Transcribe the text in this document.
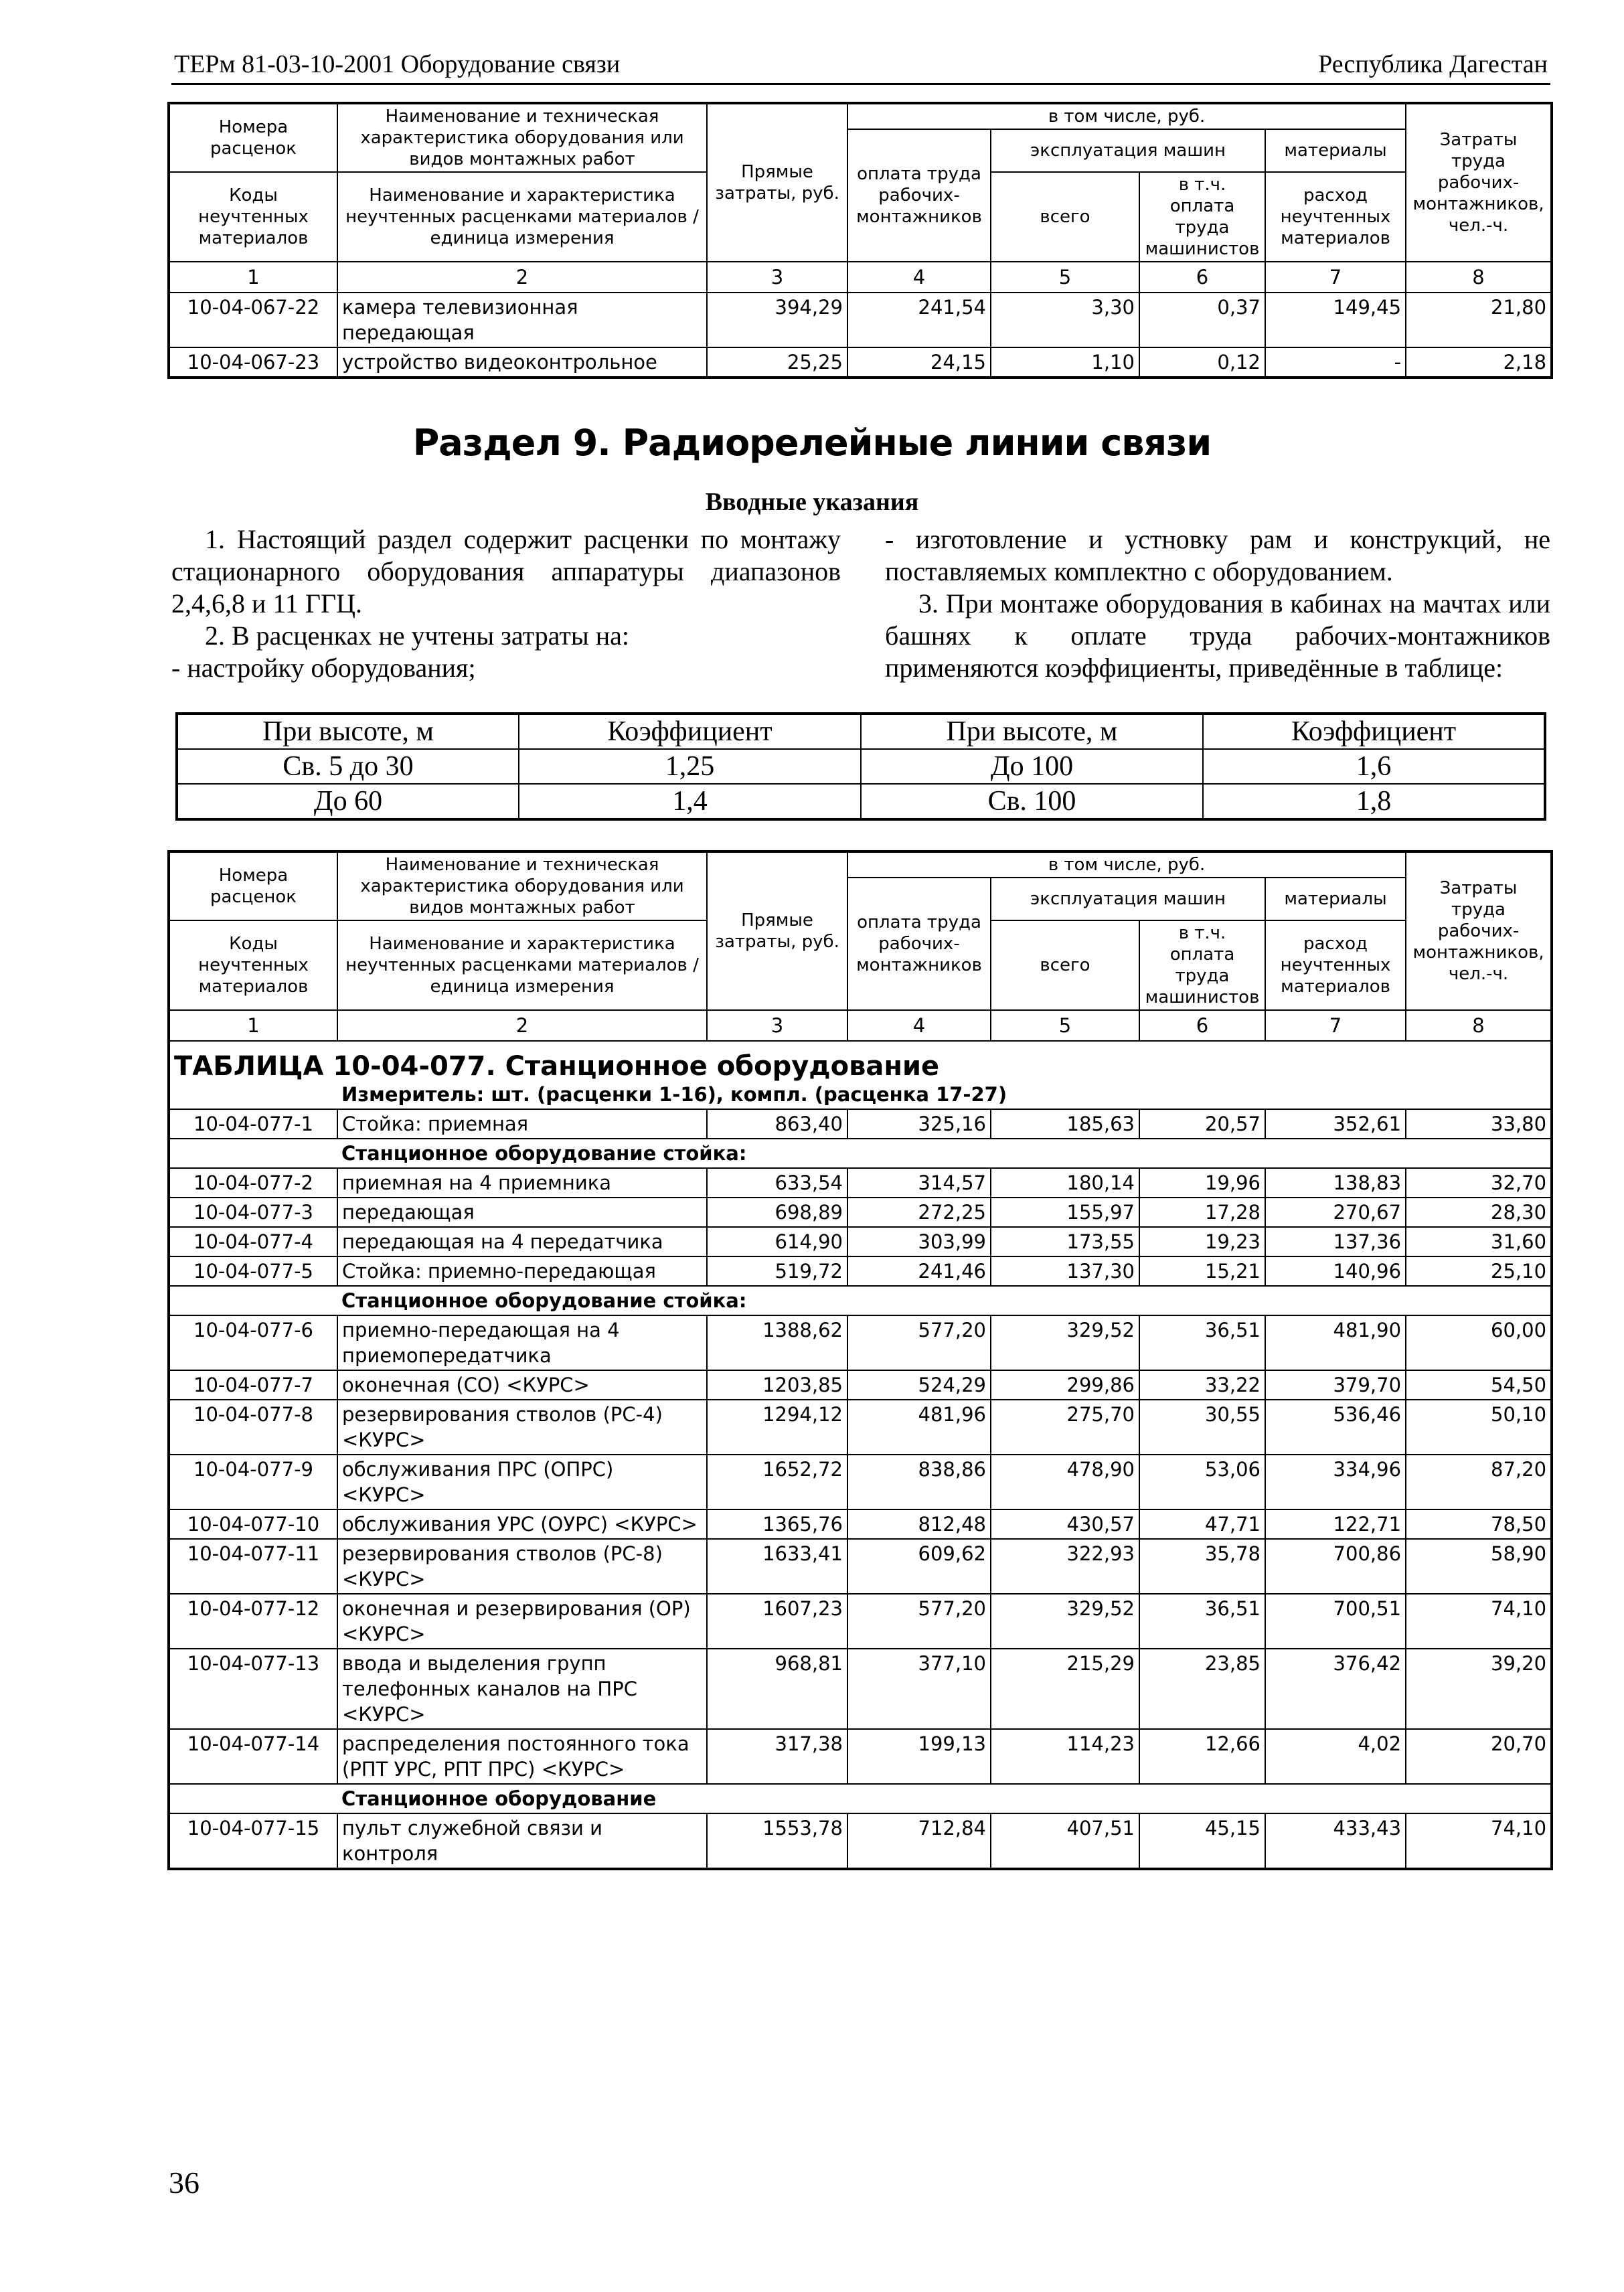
ТЕРм 81-03-10-2001 Оборудование связи	Республика Дагестан
Номера расценок	Наименование и техническая характеристика оборудования или видов монтажных работ	Прямые затраты, руб.	в том числе, руб.				Затраты труда рабочих-монтажников, чел.-ч.
			оплата труда рабочих-монтажников	эксплуатация машин		материалы	
Коды неучтенных материалов	Наименование и характеристика неучтенных расценками материалов / единица измерения			всего	в т.ч. оплата труда машинистов	расход неучтенных материалов	

1	2	3	4	5	6	7	8
10-04-067-22	камера телевизионная передающая	394,29	241,54	3,30	0,37	149,45	21,80
10-04-067-23	устройство видеоконтрольное	25,25	24,15	1,10	0,12	-	2,18
Раздел 9. Радиорелейные линии связи
Вводные указания

1. Настоящий раздел содержит расценки по монтажу стационарного оборудования аппаратуры диапазонов 2,4,6,8 и 11 ГГЦ.

2. В расценках не учтены затраты на:

- настройку оборудования;

- изготовление и устновку рам и конструкций, не поставляемых комплектно с оборудованием.

3. При монтаже оборудования в кабинах на мачтах или башнях к оплате труда рабочих-монтажников применяются коэффициенты, приведённые в таблице:

При высоте, м	Коэффициент	При высоте, м	Коэффициент
Св. 5 до 30	1,25	До 100	1,6
До 60	1,4	Св. 100	1,8
Номера расценок	Наименование и техническая характеристика оборудования или видов монтажных работ	Прямые затраты, руб.	в том числе, руб.				Затраты труда рабочих-монтажников, чел.-ч.
			оплата труда рабочих-монтажников	эксплуатация машин		материалы	
Коды неучтенных материалов	Наименование и характеристика неучтенных расценками материалов / единица измерения			всего	в т.ч. оплата труда машинистов	расход неучтенных материалов	

1	2	3	4	5	6	7	8
ТАБЛИЦА 10-04-077. Станционное оборудование							
	Измеритель: шт. (расценки 1-16), компл. (расценка 17-27)						
10-04-077-1	Стойка: приемная	863,40	325,16	185,63	20,57	352,61	33,80
	Станционное оборудование стойка:						
10-04-077-2	приемная на 4 приемника	633,54	314,57	180,14	19,96	138,83	32,70
10-04-077-3	передающая	698,89	272,25	155,97	17,28	270,67	28,30
10-04-077-4	передающая на 4 передатчика	614,90	303,99	173,55	19,23	137,36	31,60
10-04-077-5	Стойка: приемно-передающая	519,72	241,46	137,30	15,21	140,96	25,10
	Станционное оборудование стойка:						
10-04-077-6	приемно-передающая на 4 приемопередатчика	1388,62	577,20	329,52	36,51	481,90	60,00
10-04-077-7	оконечная (СО) <КУРС>	1203,85	524,29	299,86	33,22	379,70	54,50
10-04-077-8	резервирования стволов (РС-4) <КУРС>	1294,12	481,96	275,70	30,55	536,46	50,10
10-04-077-9	обслуживания ПРС (ОПРС) <КУРС>	1652,72	838,86	478,90	53,06	334,96	87,20
10-04-077-10	обслуживания УРС (ОУРС) <КУРС>	1365,76	812,48	430,57	47,71	122,71	78,50
10-04-077-11	резервирования стволов (РС-8) <КУРС>	1633,41	609,62	322,93	35,78	700,86	58,90
10-04-077-12	оконечная и резервирования (ОР) <КУРС>	1607,23	577,20	329,52	36,51	700,51	74,10
10-04-077-13	ввода и выделения групп телефонных каналов на ПРС <КУРС>	968,81	377,10	215,29	23,85	376,42	39,20
10-04-077-14	распределения постоянного тока (РПТ УРС, РПТ ПРС) <КУРС>	317,38	199,13	114,23	12,66	4,02	20,70
	Станционное оборудование						
10-04-077-15	пульт служебной связи и контроля	1553,78	712,84	407,51	45,15	433,43	74,10
36
